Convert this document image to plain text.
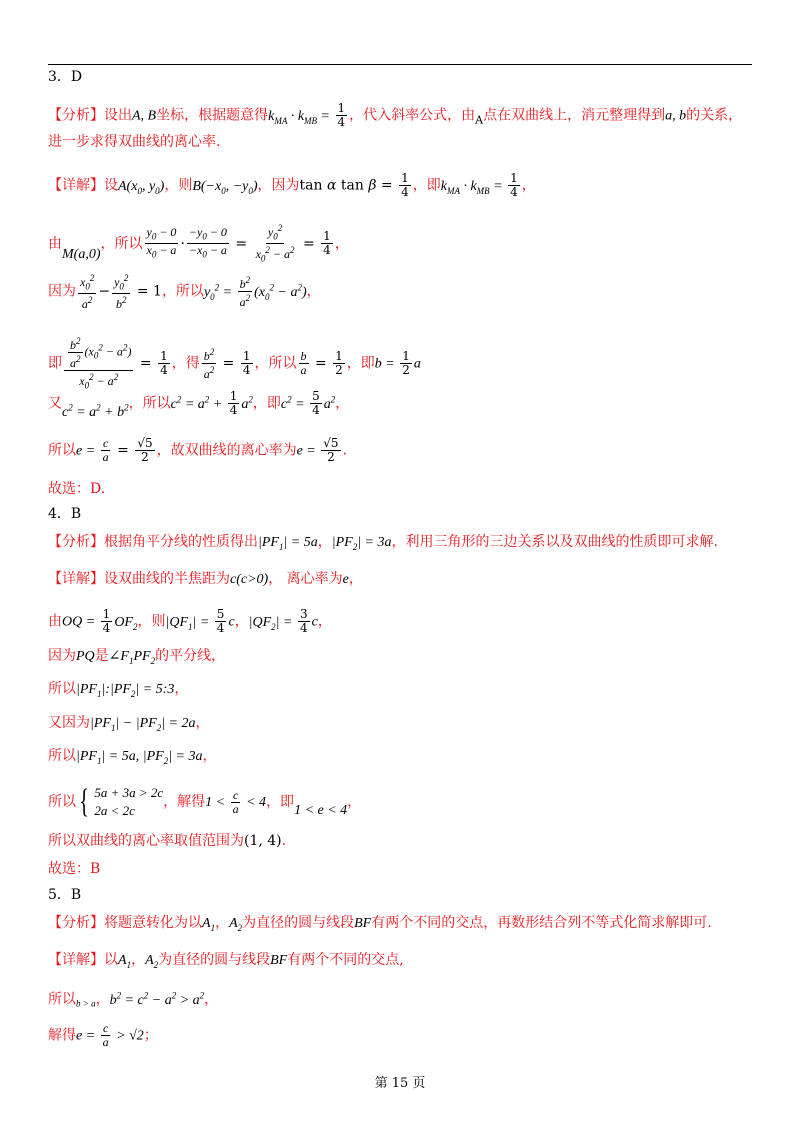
3．D
【分析】设出A, B坐标，根据题意得$k_{MA} \cdot k_{MB} = \frac{1}{4}$ ，代入斜率公式，由$_A$点在双曲线上，消元整理得到a, b的关系，
进一步求得双曲线的离心率.
【详解】设$A(x_0$, $y_0$)，则$B(-x_0$, $-y_0$)，因为tan α $\tan \beta = \frac{1}{4}$ ，即$k_{MA} \cdot k_{MB} = \frac{1}{4}$ ，
由M(a,0)，所以 $\frac{y_0 - 0}{x_0 - a} \cdot \frac{-y_0 - 0}{-x_0 - a} = \frac{y_0^2}{x_0^2 - a^2} = \frac{1}{4}$ ，
因为 $\frac{x_0^2}{a^2} - \frac{y_0^2}{b^2} = 1$，所以$y_0^2 = \frac{b^2}{a^2} (x_0^2 - a^2)$，
即 $\frac{\frac{b^2}{a^2} (x_0^2 - a^2)}{x_0^2 - a^2} = \frac{1}{4}$ ，得 $\frac{b^2}{a^2} = \frac{1}{4}$ ，所以 $\frac{b}{a} = \frac{1}{2}$ ，即$b = \frac{1}{2}$ a
又$c^2 = a^2 + b^2$，所以$c^2 = a^2 + \frac{1}{4} a^2$，即$c^2 = \frac{5}{4} a^2$，
所以$e = \frac{c}{a} = \frac{√5}{2}$ ，故双曲线的离心率为$e = \frac{√5}{2}$ .
故选：D.
4．B
【分析】根据角平分线的性质得出$|PF_1| = 5a$，$|PF_2| = 3a$，利用三角形的三边关系以及双曲线的性质即可求解.
【详解】设双曲线的半焦距为c(c>0)， 离心率为e，
由OQ = $\frac{1}{4} OF_2$，则$|QF_1| = \frac{5}{4}$ c，$|QF_2| = \frac{3}{4}$ c，
因为PQ是$\angle F_1PF_2$的平分线，
所以$|PF_1|:|PF_2|$ = 5:3，
又因为$|PF_1| - |PF_2| = 2a$，
所以$|PF_1| = 5a$, $|PF_2| = 3a$，
所以 { 5a + 3a > 2c
2a < 2c
，解得$1 < \frac{c}{a} < 4$，即1 < e < 4，
所以双曲线的离心率取值范围为(1, 4).
故选：B
5．B
【分析】将题意转化为以$A_1$，$A_2$为直径的圆与线段BF有两个不同的交点，再数形结合列不等式化简求解即可.
【详解】以$A_1$，$A_2$为直径的圆与线段BF有两个不同的交点,
所以$_{b > a}$，$b^2 = c^2 - a^2 > a^2$，
解得$e = \frac{c}{a} > √2$；
第 15 页
